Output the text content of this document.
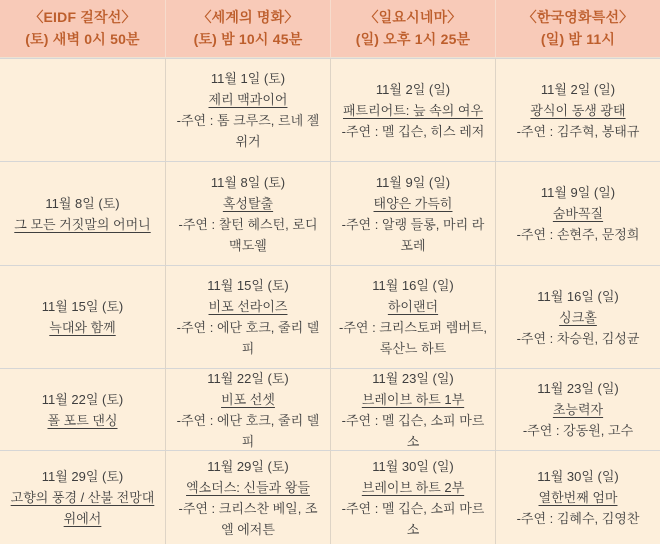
〈EIDF 걸작선〉
(토) 새벽 0시 50분
〈세계의 명화〉
(토) 밤 10시 45분
〈일요시네마〉
(일) 오후 1시 25분
〈한국영화특선〉
(일) 밤 11시
11월 1일 (토)
제리 맥과이어
-주연 : 톰 크루즈, 르네 젤위거
11월 2일 (일)
패트리어트: 늪 속의 여우
-주연 : 멜 깁슨, 히스 레저
11월 2일 (일)
광식이 동생 광태
-주연 : 김주혁, 봉태규
11월 8일 (토)
그 모든 거짓말의 어머니
11월 8일 (토)
혹성탈출
-주연 : 찰턴 헤스턴, 로디 맥도웰
11월 9일 (일)
태양은 가득히
-주연 : 알랭 들롱, 마리 라포레
11월 9일 (일)
숨바꼭질
-주연 : 손현주, 문정희
11월 15일 (토)
늑대와 함께
11월 15일 (토)
비포 선라이즈
-주연 : 에단 호크, 줄리 델피
11월 16일 (일)
하이랜더
-주연 : 크리스토퍼 렘버트, 록산느 하트
11월 16일 (일)
싱크홀
-주연 : 차승원, 김성균
11월 22일 (토)
폴 포트 댄싱
11월 22일 (토)
비포 선셋
-주연 : 에단 호크, 줄리 델피
11월 23일 (일)
브레이브 하트 1부
-주연 : 멜 깁슨, 소피 마르소
11월 23일 (일)
초능력자
-주연 : 강동원, 고수
11월 29일 (토)
고향의 풍경 / 산불 전망대 위에서
11월 29일 (토)
엑소더스: 신들과 왕들
-주연 : 크리스찬 베일, 조엘 에저튼
11월 30일 (일)
브레이브 하트 2부
-주연 : 멜 깁슨, 소피 마르소
11월 30일 (일)
열한번째 엄마
-주연 : 김혜수, 김영찬
